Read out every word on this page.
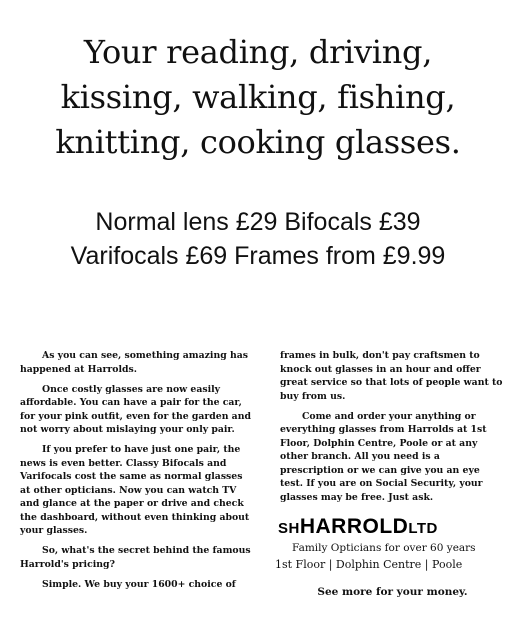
Your reading, driving,
kissing, walking, fishing,
knitting, cooking glasses.
Normal lens £29 Bifocals £39
Varifocals £69 Frames from £9.99

As you can see, something amazing has happened at Harrolds.

Once costly glasses are now easily affordable. You can have a pair for the car, for your pink outfit, even for the garden and not worry about mislaying your only pair.

If you prefer to have just one pair, the news is even better. Classy Bifocals and Varifocals cost the same as normal glasses at other opticians. Now you can watch TV and glance at the paper or drive and check the dashboard, without even thinking about your glasses.

So, what's the secret behind the famous Harrold's pricing?

Simple. We buy your 1600+ choice of

frames in bulk, don't pay craftsmen to knock out glasses in an hour and offer great service so that lots of people want to buy from us.

Come and order your anything or everything glasses from Harrolds at 1st Floor, Dolphin Centre, Poole or at any other branch. All you need is a prescription or we can give you an eye test. If you are on Social Security, your glasses may be free. Just ask.

SHHARROLDLTD
Family Opticians for over 60 years
1st Floor | Dolphin Centre | Poole
See more for your money.
